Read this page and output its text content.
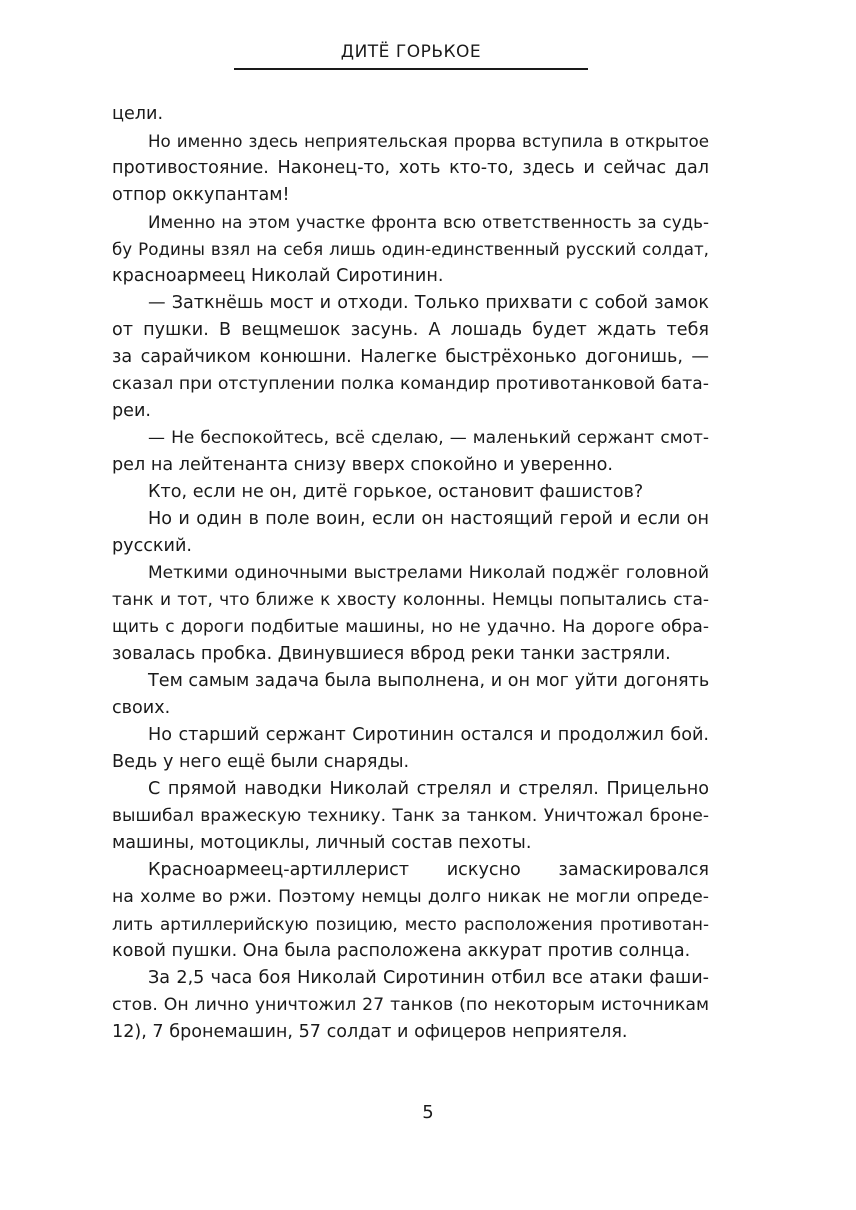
ДИТЁ ГОРЬКОЕ
цели.
Но именно здесь неприятельская прорва вступила в открытое
противостояние. Наконец-то, хоть кто-то, здесь и сейчас дал
отпор оккупантам!
Именно на этом участке фронта всю ответственность за судь-
бу Родины взял на себя лишь один-единственный русский солдат,
красноармеец Николай Сиротинин.
— Заткнёшь мост и отходи. Только прихвати с собой замок
от пушки. В вещмешок засунь. А лошадь будет ждать тебя
за сарайчиком конюшни. Налегке быстрёхонько догонишь, —
сказал при отступлении полка командир противотанковой бата-
реи.
— Не беспокойтесь, всё сделаю, — маленький сержант смот-
рел на лейтенанта снизу вверх спокойно и уверенно.
Кто, если не он, дитё горькое, остановит фашистов?
Но и один в поле воин, если он настоящий герой и если он
русский.
Меткими одиночными выстрелами Николай поджёг головной
танк и тот, что ближе к хвосту колонны. Немцы попытались ста-
щить с дороги подбитые машины, но не удачно. На дороге обра-
зовалась пробка. Двинувшиеся вброд реки танки застряли.
Тем самым задача была выполнена, и он мог уйти догонять
своих.
Но старший сержант Сиротинин остался и продолжил бой.
Ведь у него ещё были снаряды.
С прямой наводки Николай стрелял и стрелял. Прицельно
вышибал вражескую технику. Танк за танком. Уничтожал броне-
машины, мотоциклы, личный состав пехоты.
Красноармеец-артиллерист искусно замаскировался
на холме во ржи. Поэтому немцы долго никак не могли опреде-
лить артиллерийскую позицию, место расположения противотан-
ковой пушки. Она была расположена аккурат против солнца.
За 2,5 часа боя Николай Сиротинин отбил все атаки фаши-
стов. Он лично уничтожил 27 танков (по некоторым источникам
12), 7 бронемашин, 57 солдат и офицеров неприятеля.
5
